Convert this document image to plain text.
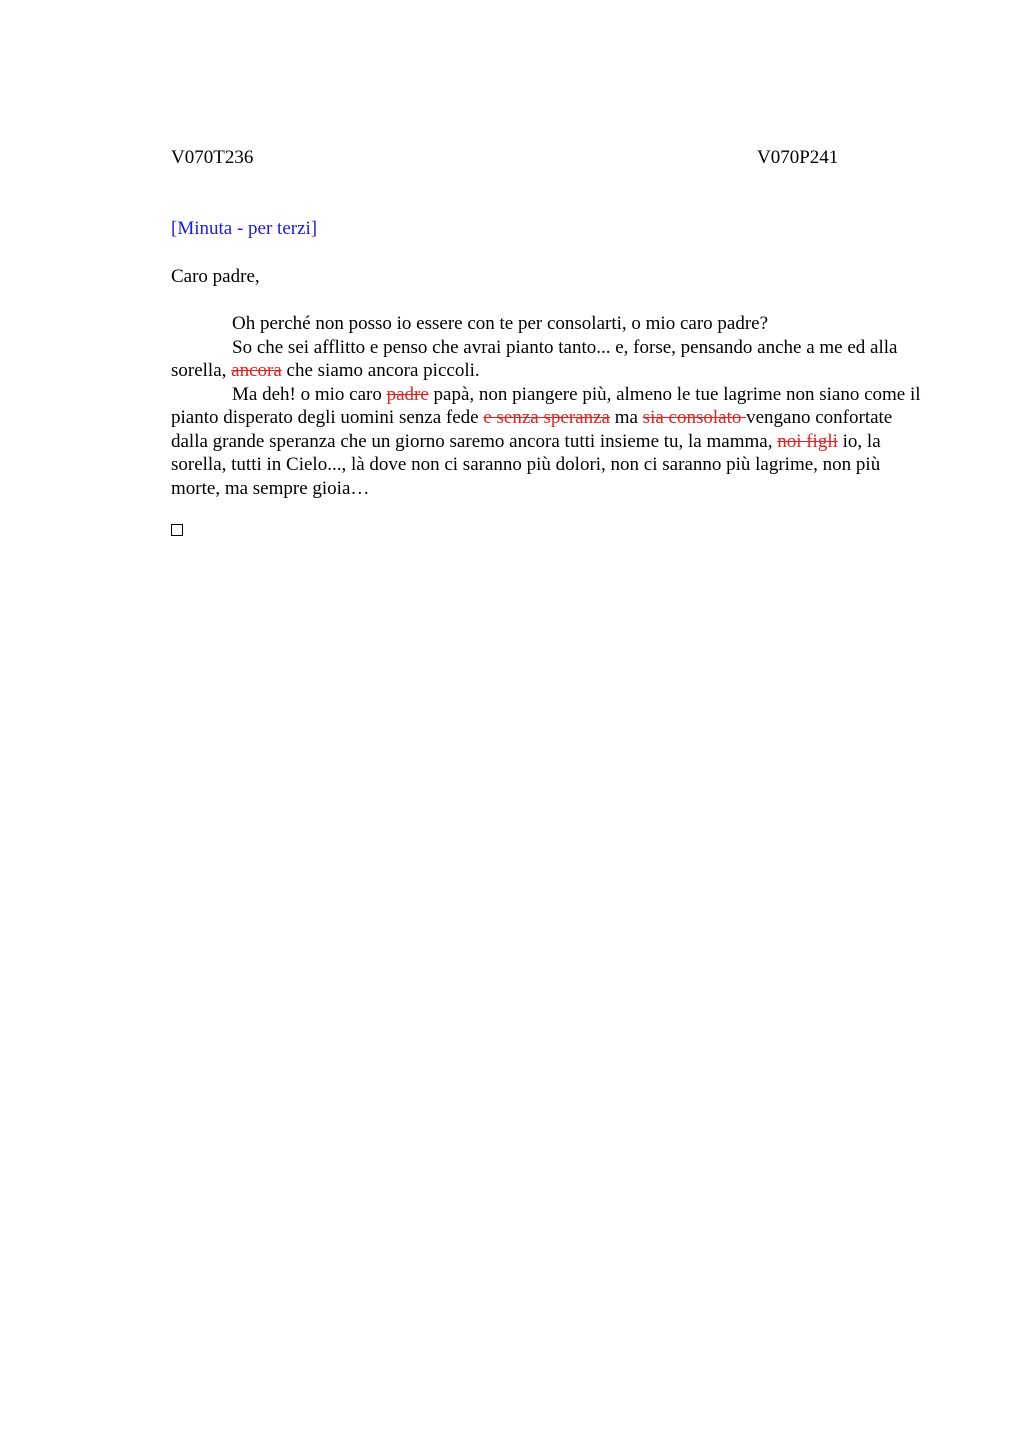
V070T236	V070P241
[Minuta - per terzi]
Caro padre,

Oh perché non posso io essere con te per consolarti, o mio caro padre?

So che sei afflitto e penso che avrai pianto tanto... e, forse, pensando anche a me ed alla sorella, ancora che siamo ancora piccoli.

Ma deh! o mio caro padre papà, non piangere più, almeno le tue lagrime non siano come il pianto disperato degli uomini senza fede e senza speranza ma sia consolato vengano confortate dalla grande speranza che un giorno saremo ancora tutti insieme tu, la mamma, noi figli io, la sorella, tutti in Cielo..., là dove non ci saranno più dolori, non ci saranno più lagrime, non più morte, ma sempre gioia…
